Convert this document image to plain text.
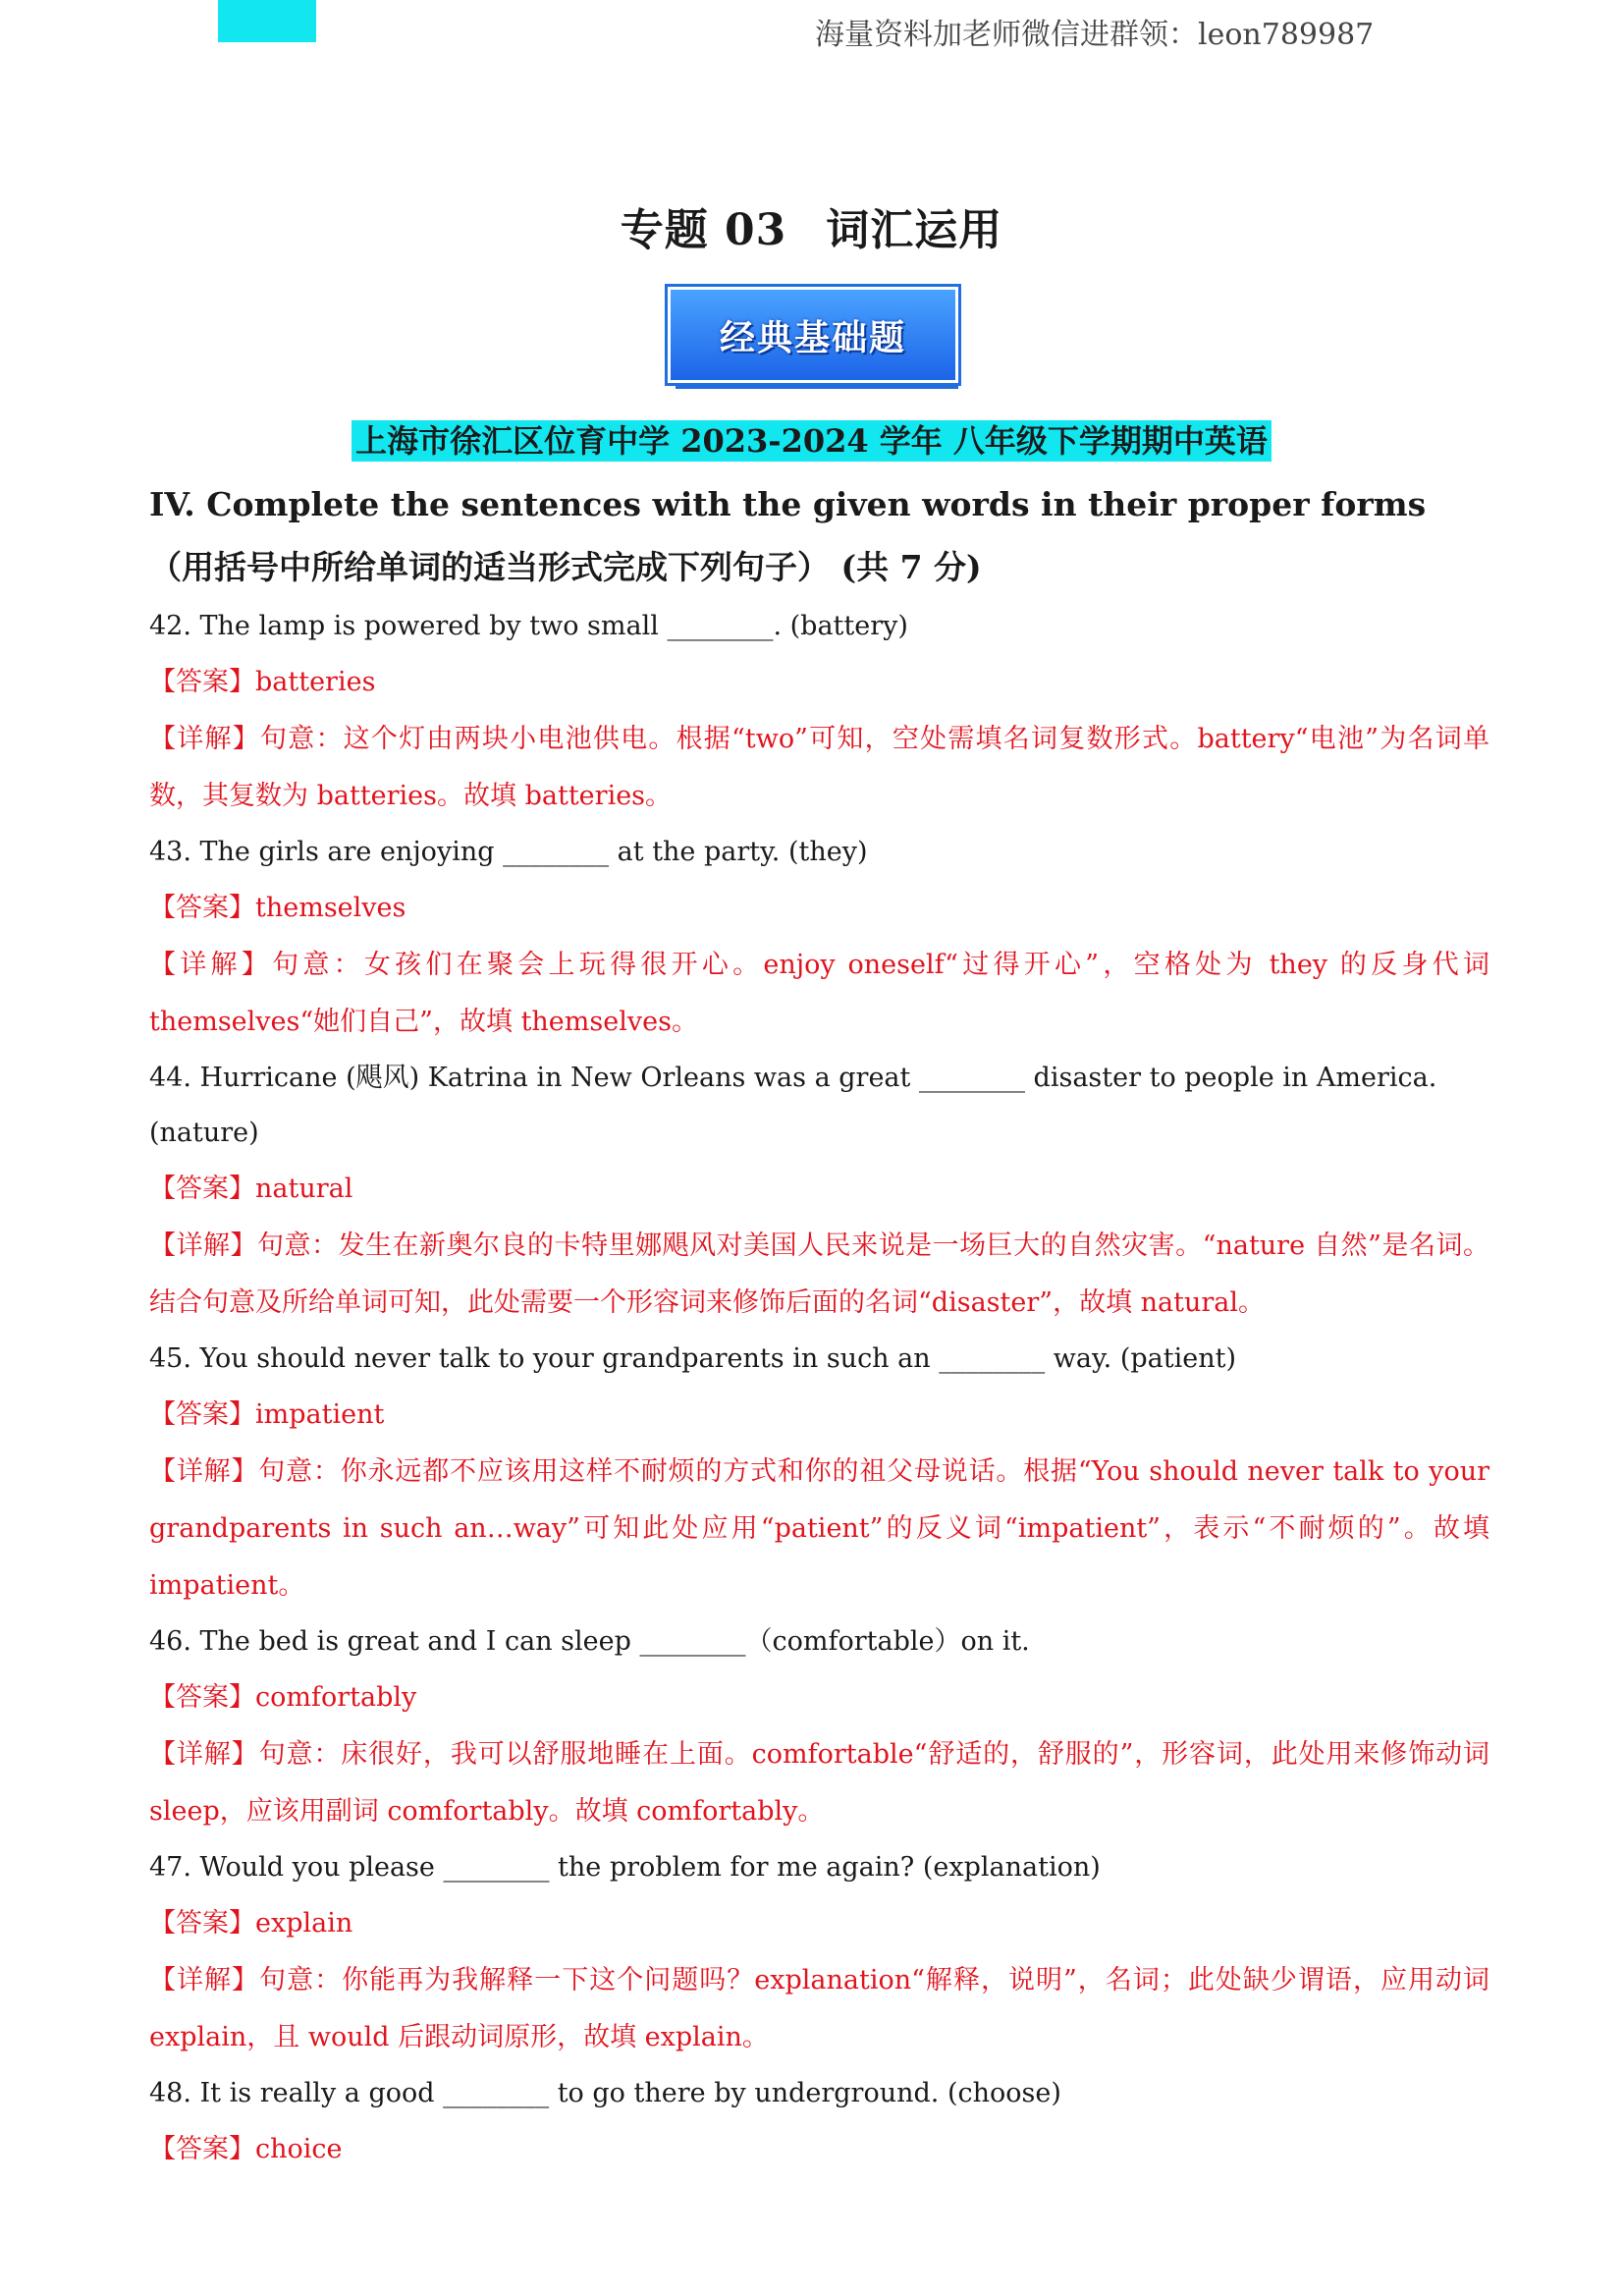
海量资料加老师微信进群领：leon789987
专题 03 词汇运用
经典基础题
上海市徐汇区位育中学 2023-2024 学年 八年级下学期期中英语

IV. Complete the sentences with the given words in their proper forms（用括号中所给单词的适当形式完成下列句子） (共 7 分)

42. The lamp is powered by two small ________. (battery)

【答案】batteries

【详解】句意：这个灯由两块小电池供电。根据“two”可知，空处需填名词复数形式。battery“电池”为名词单数，其复数为 batteries。故填 batteries。

43. The girls are enjoying ________ at the party. (they)

【答案】themselves

【详解】句意：女孩们在聚会上玩得很开心。enjoy oneself“过得开心”，空格处为 they 的反身代词 themselves“她们自己”，故填 themselves。

44. Hurricane (飓风) Katrina in New Orleans was a great ________ disaster to people in America. (nature)

【答案】natural

【详解】句意：发生在新奥尔良的卡特里娜飓风对美国人民来说是一场巨大的自然灾害。“nature 自然”是名词。结合句意及所给单词可知，此处需要一个形容词来修饰后面的名词“disaster”，故填 natural。

45. You should never talk to your grandparents in such an ________ way. (patient)

【答案】impatient

【详解】句意：你永远都不应该用这样不耐烦的方式和你的祖父母说话。根据“You should never talk to your grandparents in such an…way”可知此处应用“patient”的反义词“impatient”，表示“不耐烦的”。故填 impatient。

46. The bed is great and I can sleep ________（comfortable）on it.

【答案】comfortably

【详解】句意：床很好，我可以舒服地睡在上面。comfortable“舒适的，舒服的”，形容词，此处用来修饰动词 sleep，应该用副词 comfortably。故填 comfortably。

47. Would you please ________ the problem for me again? (explanation)

【答案】explain

【详解】句意：你能再为我解释一下这个问题吗？explanation“解释，说明”，名词；此处缺少谓语，应用动词 explain，且 would 后跟动词原形，故填 explain。

48. It is really a good ________ to go there by underground. (choose)

【答案】choice
